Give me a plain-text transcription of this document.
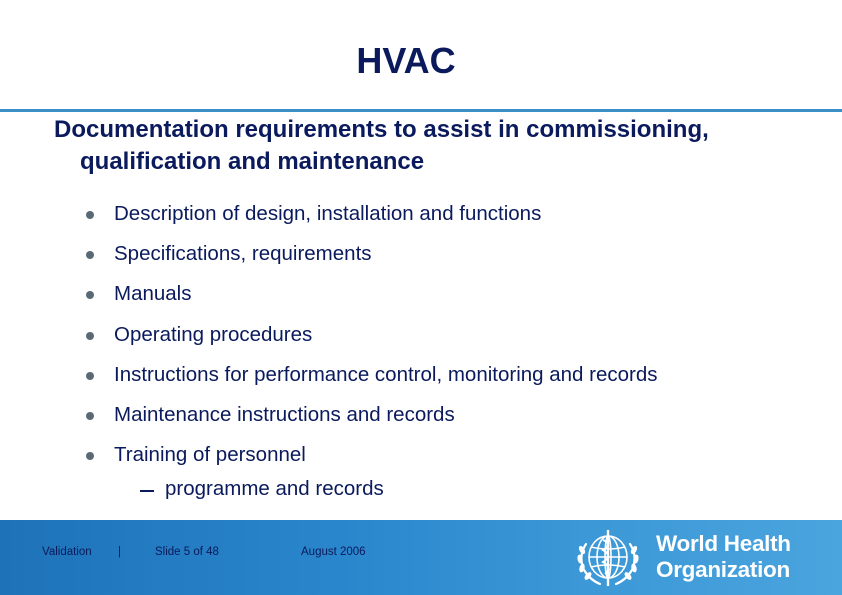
HVAC
Documentation requirements to assist in commissioning, qualification and maintenance
Description of design, installation and functions
Specifications, requirements
Manuals
Operating procedures
Instructions for performance control, monitoring and records
Maintenance instructions and records
Training of personnel
programme and records
Validation |	Slide 5 of 48	August 2006	World Health
Organization
